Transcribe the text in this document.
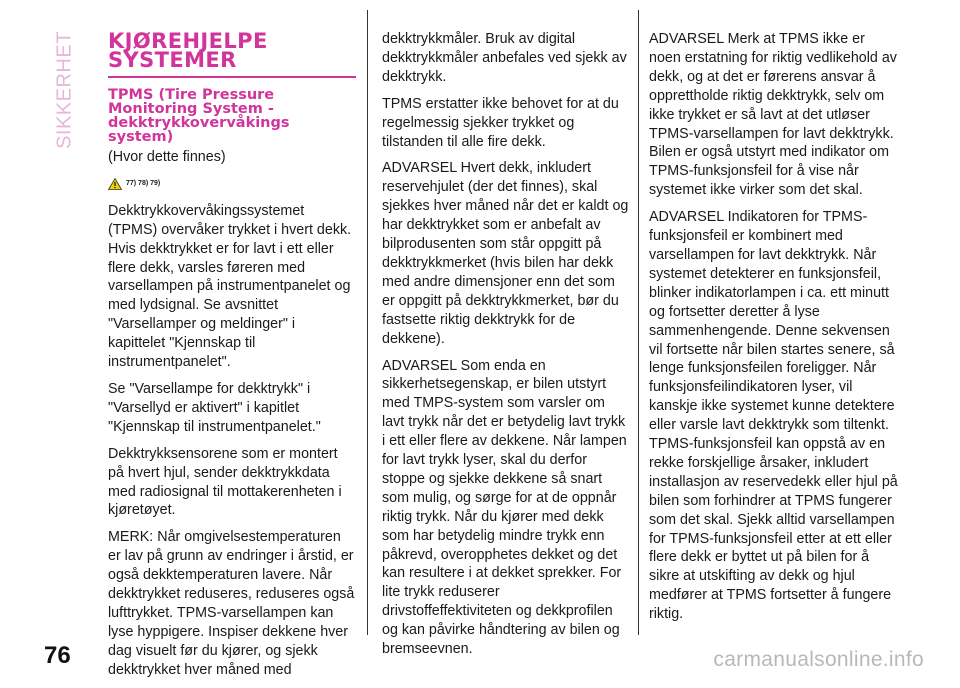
SIKKERHET KJØREHJELPE SYSTEMER
TPMS (Tire Pressure Monitoring System - dekktrykkovervåkings system)

(Hvor dette finnes)

77) 78) 79)

Dekktrykkovervåkingssystemet (TPMS) overvåker trykket i hvert dekk. Hvis dekktrykket er for lavt i ett eller flere dekk, varsles føreren med varsellampen på instrumentpanelet og med lydsignal. Se avsnittet "Varsellamper og meldinger" i kapittelet "Kjennskap til instrumentpanelet".

Se "Varsellampe for dekktrykk" i "Varsellyd er aktivert" i kapitlet "Kjennskap til instrumentpanelet."

Dekktrykksensorene som er montert på hvert hjul, sender dekktrykkdata med radiosignal til mottakerenheten i kjøretøyet.

MERK: Når omgivelsestemperaturen er lav på grunn av endringer i årstid, er også dekktemperaturen lavere. Når dekktrykket reduseres, reduseres også lufttrykket. TPMS-varsellampen kan lyse hyppigere. Inspiser dekkene hver dag visuelt før du kjører, og sjekk dekktrykket hver måned med

dekktrykkmåler. Bruk av digital dekktrykkmåler anbefales ved sjekk av dekktrykk.

TPMS erstatter ikke behovet for at du regelmessig sjekker trykket og tilstanden til alle fire dekk.

ADVARSEL Hvert dekk, inkludert reservehjulet (der det finnes), skal sjekkes hver måned når det er kaldt og har dekktrykket som er anbefalt av bilprodusenten som står oppgitt på dekktrykkmerket (hvis bilen har dekk med andre dimensjoner enn det som er oppgitt på dekktrykkmerket, bør du fastsette riktig dekktrykk for de dekkene).

ADVARSEL Som enda en sikkerhetsegenskap, er bilen utstyrt med TMPS-system som varsler om lavt trykk når det er betydelig lavt trykk i ett eller flere av dekkene. Når lampen for lavt trykk lyser, skal du derfor stoppe og sjekke dekkene så snart som mulig, og sørge for at de oppnår riktig trykk. Når du kjører med dekk som har betydelig mindre trykk enn påkrevd, overopphetes dekket og det kan resultere i at dekket sprekker. For lite trykk reduserer drivstoffeffektiviteten og dekkprofilen og kan påvirke håndtering av bilen og bremseevnen.

ADVARSEL Merk at TPMS ikke er noen erstatning for riktig vedlikehold av dekk, og at det er førerens ansvar å opprettholde riktig dekktrykk, selv om ikke trykket er så lavt at det utløser TPMS-varsellampen for lavt dekktrykk. Bilen er også utstyrt med indikator om TPMS-funksjonsfeil for å vise når systemet ikke virker som det skal.

ADVARSEL Indikatoren for TPMS-funksjonsfeil er kombinert med varsellampen for lavt dekktrykk. Når systemet detekterer en funksjonsfeil, blinker indikatorlampen i ca. ett minutt og fortsetter deretter å lyse sammenhengende. Denne sekvensen vil fortsette når bilen startes senere, så lenge funksjonsfeilen foreligger. Når funksjonsfeilindikatoren lyser, vil kanskje ikke systemet kunne detektere eller varsle lavt dekktrykk som tiltenkt. TPMS-funksjonsfeil kan oppstå av en rekke forskjellige årsaker, inkludert installasjon av reservedekk eller hjul på bilen som forhindrer at TPMS fungerer som det skal. Sjekk alltid varsellampen for TPMS-funksjonsfeil etter at ett eller flere dekk er byttet ut på bilen for å sikre at utskifting av dekk og hjul medfører at TPMS fortsetter å fungere riktig.

76	carmanualsonline.info
